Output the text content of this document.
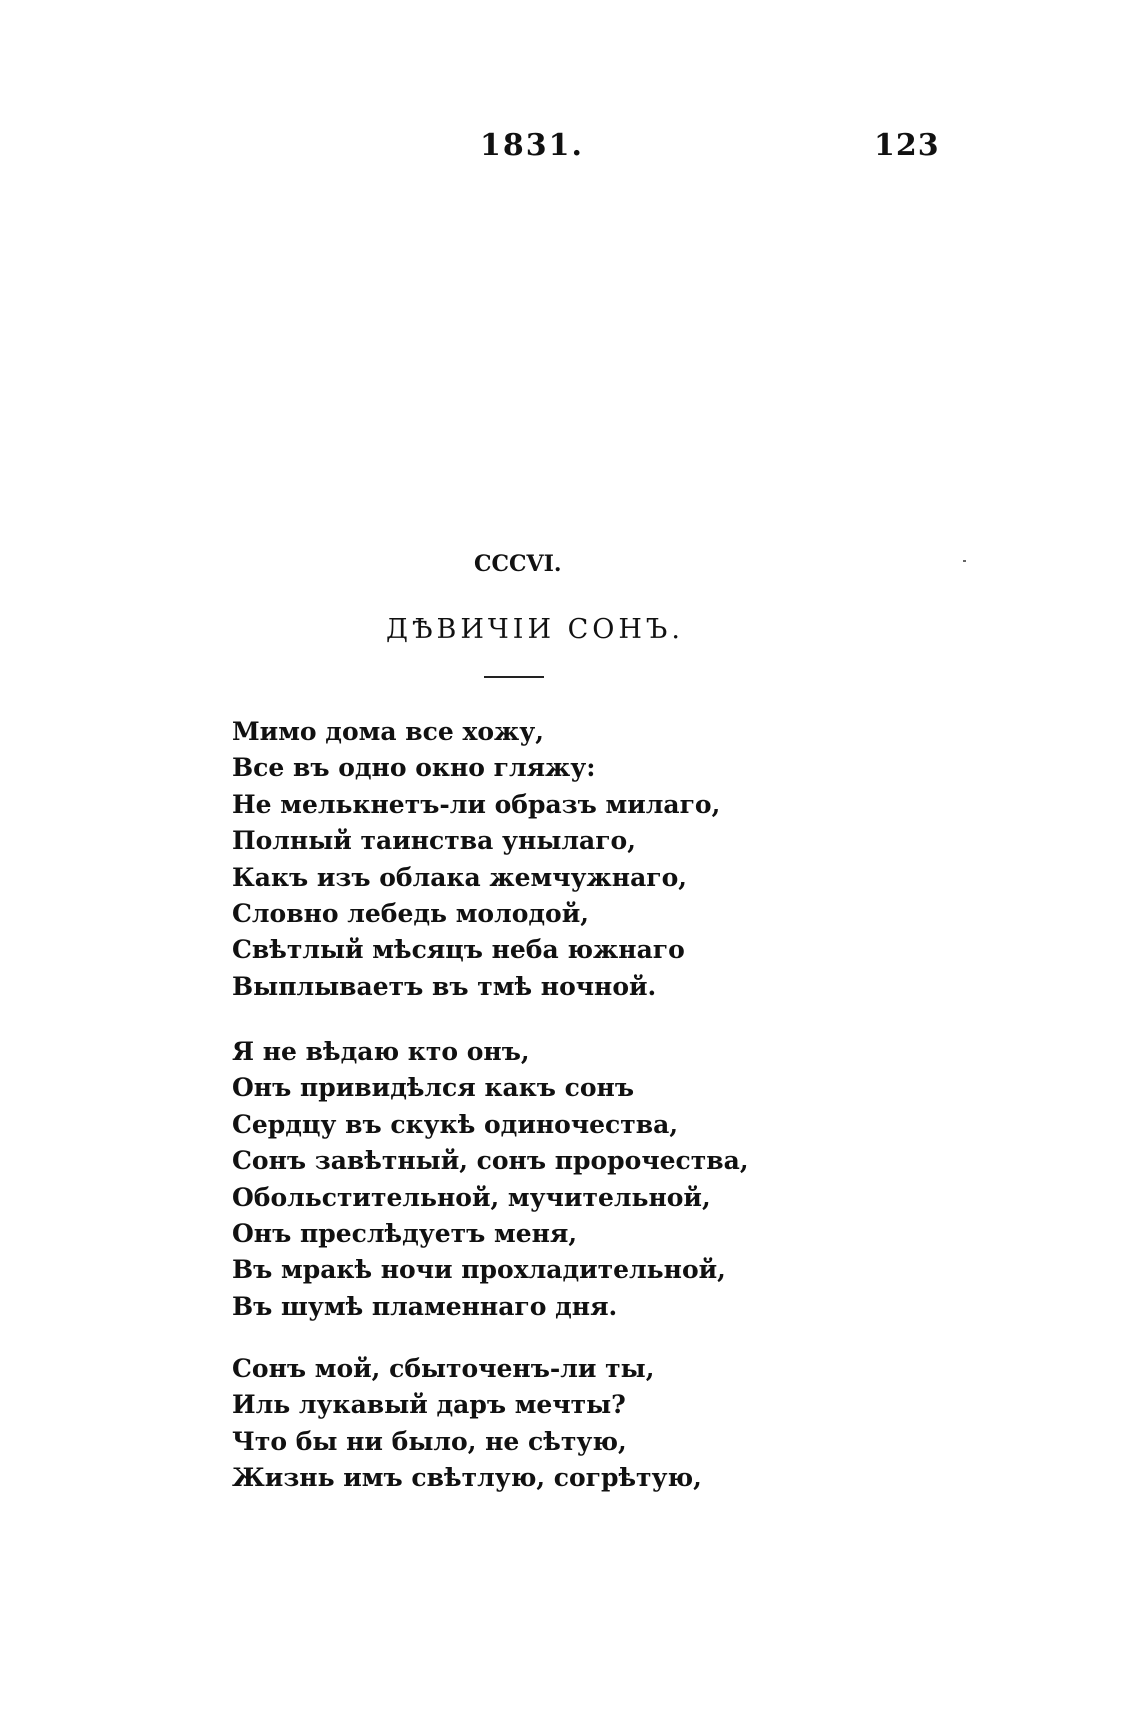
1831.	123
CCCVI.
ДѢВИЧІИ СОНЪ.
Мимо дома все хожу,
Все въ одно окно гляжу:
Не мелькнетъ-ли образъ милаго,
Полный таинства унылаго,
Какъ изъ облака жемчужнаго,
Словно лебедь молодой,
Свѣтлый мѣсяцъ неба южнаго
Выплываетъ въ тмѣ ночной.
Я не вѣдаю кто онъ,
Онъ привидѣлся какъ сонъ
Сердцу въ скукѣ одиночества,
Сонъ завѣтный, сонъ пророчества,
Обольстительной, мучительной,
Онъ преслѣдуетъ меня,
Въ мракѣ ночи прохладительной,
Въ шумѣ пламеннаго дня.
Сонъ мой, сбыточенъ-ли ты,
Иль лукавый даръ мечты?
Что бы ни было, не сѣтую,
Жизнь имъ свѣтлую, согрѣтую,
